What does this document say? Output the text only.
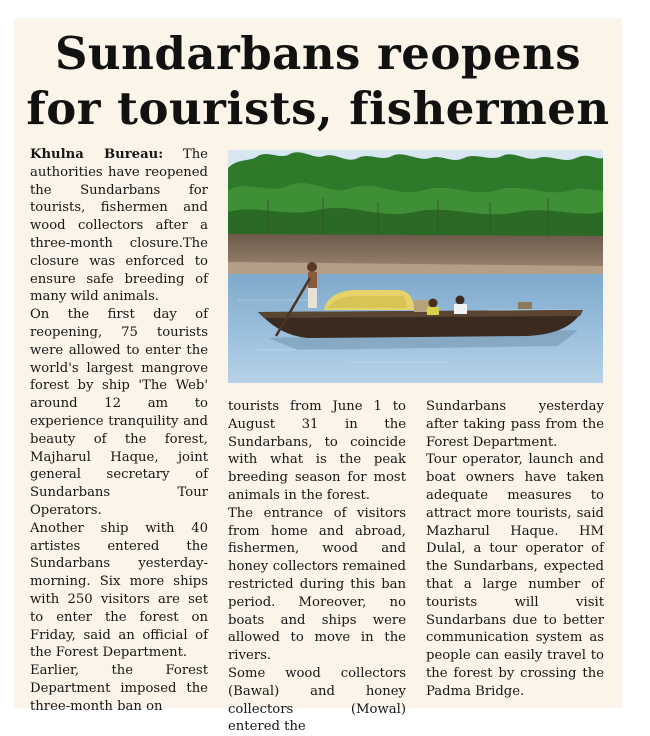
Sundarbans reopens
for tourists, fishermen

Khulna Bureau: The authorities have reopened the Sundarbans for tourists, fishermen and wood collectors after a three-month closure.The closure was enforced to ensure safe breeding of many wild animals.

On the first day of reopening, 75 tourists were allowed to enter the world's largest mangrove forest by ship 'The Web' around 12 am to experience tranquility and beauty of the forest, Majharul Haque, joint general secretary of Sundarbans Tour Operators.

Another ship with 40 artistes entered the Sundarbans yesterday-morning. Six more ships with 250 visitors are set to enter the forest on Friday, said an official of the Forest Department.

Earlier, the Forest Department imposed the three-month ban on

tourists from June 1 to August 31 in the Sundarbans, to coincide with what is the peak breeding season for most animals in the forest.

The entrance of visitors from home and abroad, fishermen, wood and honey collectors remained restricted during this ban period. Moreover, no boats and ships were allowed to move in the rivers.

Some wood collectors (Bawal) and honey collectors (Mowal) entered the

Sundarbans yesterday after taking pass from the Forest Department.

Tour operator, launch and boat owners have taken adequate measures to attract more tourists, said Mazharul Haque. HM Dulal, a tour operator of the Sundarbans, expected that a large number of tourists will visit Sundarbans due to better communication system as people can easily travel to the forest by crossing the Padma Bridge.
